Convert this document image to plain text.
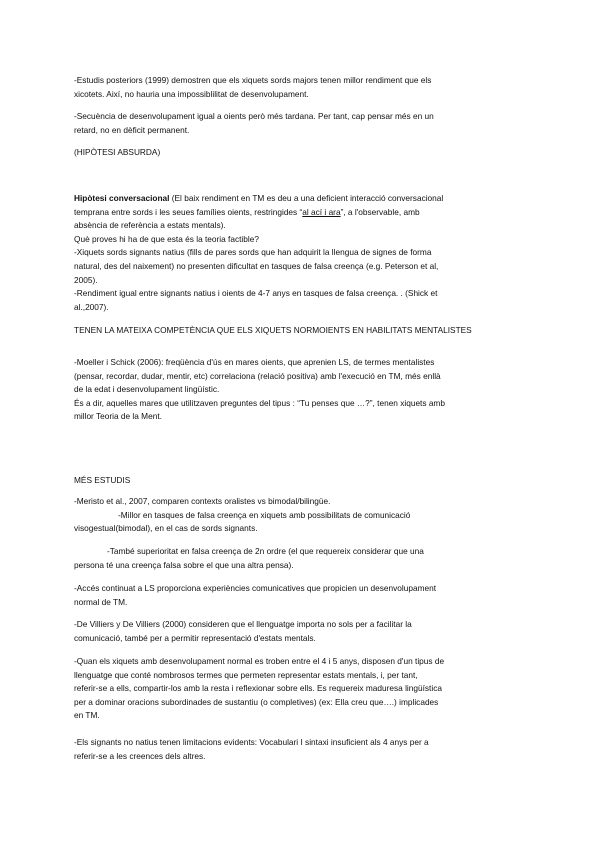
-Estudis posteriors (1999) demostren que els xiquets sords majors tenen millor rendiment que els
xicotets. Així, no hauria una impossiblilitat de desenvolupament.

-Secuència de desenvolupament igual a oients però més tardana. Per tant, cap pensar més en un
retard, no en dèficit permanent.

(HIPÒTESI ABSURDA)

Hipòtesi conversacional (El baix rendiment en TM es deu a una deficient interacció conversacional
temprana entre sords i les seues famílies oients, restringides “al ací i ara”, a l'observable, amb
absència de referència a estats mentals).
Què proves hi ha de que esta és la teoria factible?
-Xiquets sords signants natius (fills de pares sords que han adquirit la llengua de signes de forma
natural, des del naixement) no presenten dificultat en tasques de falsa creença (e.g. Peterson et al,
2005).
-Rendiment igual entre signants natius i oients de 4-7 anys en tasques de falsa creença. . (Shick et
al.,2007).

TENEN LA MATEIXA COMPETÈNCIA QUE ELS XIQUETS NORMOIENTS EN HABILITATS MENTALISTES

-Moeller i Schick (2006): freqüència d'ús en mares oients, que aprenien LS, de termes mentalistes
(pensar, recordar, dudar, mentir, etc) correlaciona (relació positiva) amb l'execució en TM, més enllà
de la edat i desenvolupament lingüístic.
És a dir, aquelles mares que utilitzaven preguntes del tipus : “Tu penses que …?”, tenen xiquets amb
millor Teoria de la Ment.

MÉS ESTUDIS

-Meristo et al., 2007, comparen contexts oralistes vs bimodal/bilingüe.
-Millor en tasques de falsa creença en xiquets amb possibilitats de comunicació
visogestual(bimodal), en el cas de sords signants.

-També superioritat en falsa creença de 2n ordre (el que requereix considerar que una
persona té una creença falsa sobre el que una altra pensa).

-Accés continuat a LS proporciona experiències comunicatives que propicien un desenvolupament
normal de TM.

-De Villiers y De Villiers (2000) consideren que el llenguatge importa no sols per a facilitar la
comunicació, també per a permitir representació d'estats mentals.

-Quan els xiquets amb desenvolupament normal es troben entre el 4 i 5 anys, disposen d'un tipus de
llenguatge que conté nombrosos termes que permeten representar estats mentals, i, per tant,
referir-se a ells, compartir-los amb la resta i reflexionar sobre ells. Es requereix maduresa lingüística
per a dominar oracions subordinades de sustantiu (o completives) (ex: Ella creu que….) implicades
en TM.

-Els signants no natius tenen limitacions evidents: Vocabulari I sintaxi insuficient als 4 anys per a
referir-se a les creences dels altres.
